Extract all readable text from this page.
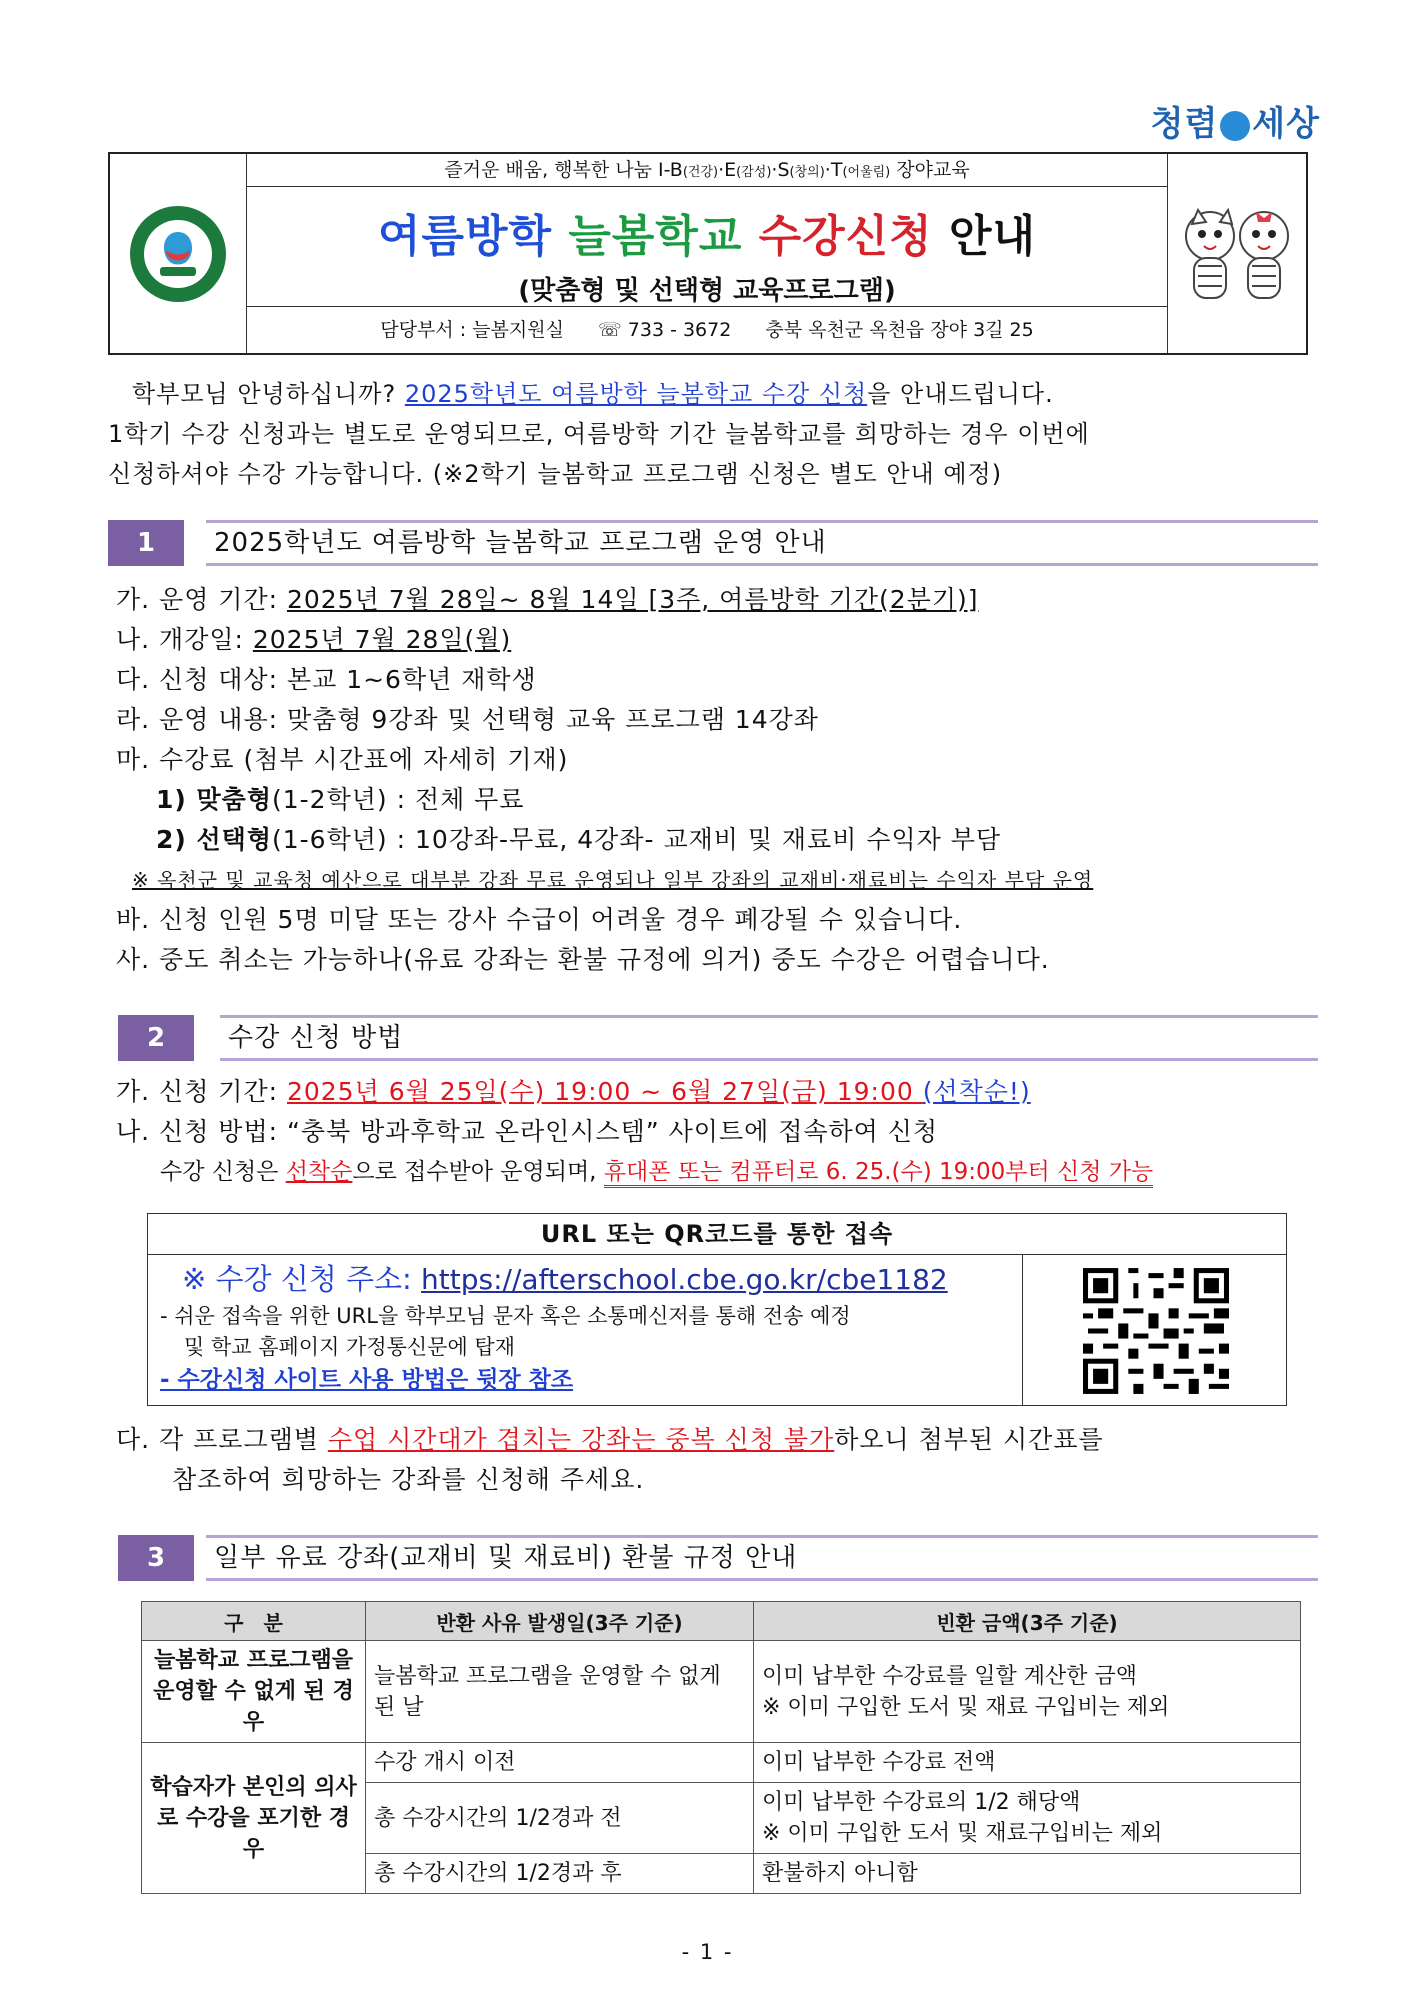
청렴 세상
즐거운 배움, 행복한 나눔 I-B(건강)·E(감성)·S(창의)·T(어울림) 장야교육
여름방학 늘봄학교 수강신청 안내
(맞춤형 및 선택형 교육프로그램)
담당부서 : 늘봄지원실 ☏ 733 - 3672 충북 옥천군 옥천읍 장야 3길 25
학부모님 안녕하십니까? 2025학년도 여름방학 늘봄학교 수강 신청을 안내드립니다.
1학기 수강 신청과는 별도로 운영되므로, 여름방학 기간 늘봄학교를 희망하는 경우 이번에
신청하셔야 수강 가능합니다. (※2학기 늘봄학교 프로그램 신청은 별도 안내 예정)
1	2025학년도 여름방학 늘봄학교 프로그램 운영 안내
가. 운영 기간: 2025년 7월 28일~ 8월 14일 [3주, 여름방학 기간(2분기)]
나. 개강일: 2025년 7월 28일(월)
다. 신청 대상: 본교 1~6학년 재학생
라. 운영 내용: 맞춤형 9강좌 및 선택형 교육 프로그램 14강좌
마. 수강료 (첨부 시간표에 자세히 기재)
1) 맞춤형(1-2학년) : 전체 무료
2) 선택형(1-6학년) : 10강좌-무료, 4강좌- 교재비 및 재료비 수익자 부담
※ 옥천군 및 교육청 예산으로 대부분 강좌 무료 운영되나 일부 강좌의 교재비·재료비는 수익자 부담 운영
바. 신청 인원 5명 미달 또는 강사 수급이 어려울 경우 폐강될 수 있습니다.
사. 중도 취소는 가능하나(유료 강좌는 환불 규정에 의거) 중도 수강은 어렵습니다.
2	수강 신청 방법
가. 신청 기간: 2025년 6월 25일(수) 19:00 ~ 6월 27일(금) 19:00 (선착순!)
나. 신청 방법: “충북 방과후학교 온라인시스템” 사이트에 접속하여 신청
수강 신청은 선착순으로 접수받아 운영되며, 휴대폰 또는 컴퓨터로 6. 25.(수) 19:00부터 신청 가능
URL 또는 QR코드를 통한 접속
※ 수강 신청 주소: https://afterschool.cbe.go.kr/cbe1182
- 쉬운 접속을 위한 URL을 학부모님 문자 혹은 소통메신저를 통해 전송 예정
및 학교 홈페이지 가정통신문에 탑재
- 수강신청 사이트 사용 방법은 뒷장 참조
다. 각 프로그램별 수업 시간대가 겹치는 강좌는 중복 신청 불가하오니 첨부된 시간표를
참조하여 희망하는 강좌를 신청해 주세요.
3	일부 유료 강좌(교재비 및 재료비) 환불 규정 안내
구　분	반환 사유 발생일(3주 기준)	빈환 금액(3주 기준)
늘봄학교 프로그램을 운영할 수 없게 된 경우	늘봄학교 프로그램을 운영할 수 없게 된 날	이미 납부한 수강료를 일할 계산한 금액
※ 이미 구입한 도서 및 재료 구입비는 제외

학습자가 본인의 의사로 수강을 포기한 경우	수강 개시 이전	이미 납부한 수강료 전액
	총 수강시간의 1/2경과 전	이미 납부한 수강료의 1/2 해당액
※ 이미 구입한 도서 및 재료구입비는 제외

	총 수강시간의 1/2경과 후	환불하지 아니함
- 1 -
